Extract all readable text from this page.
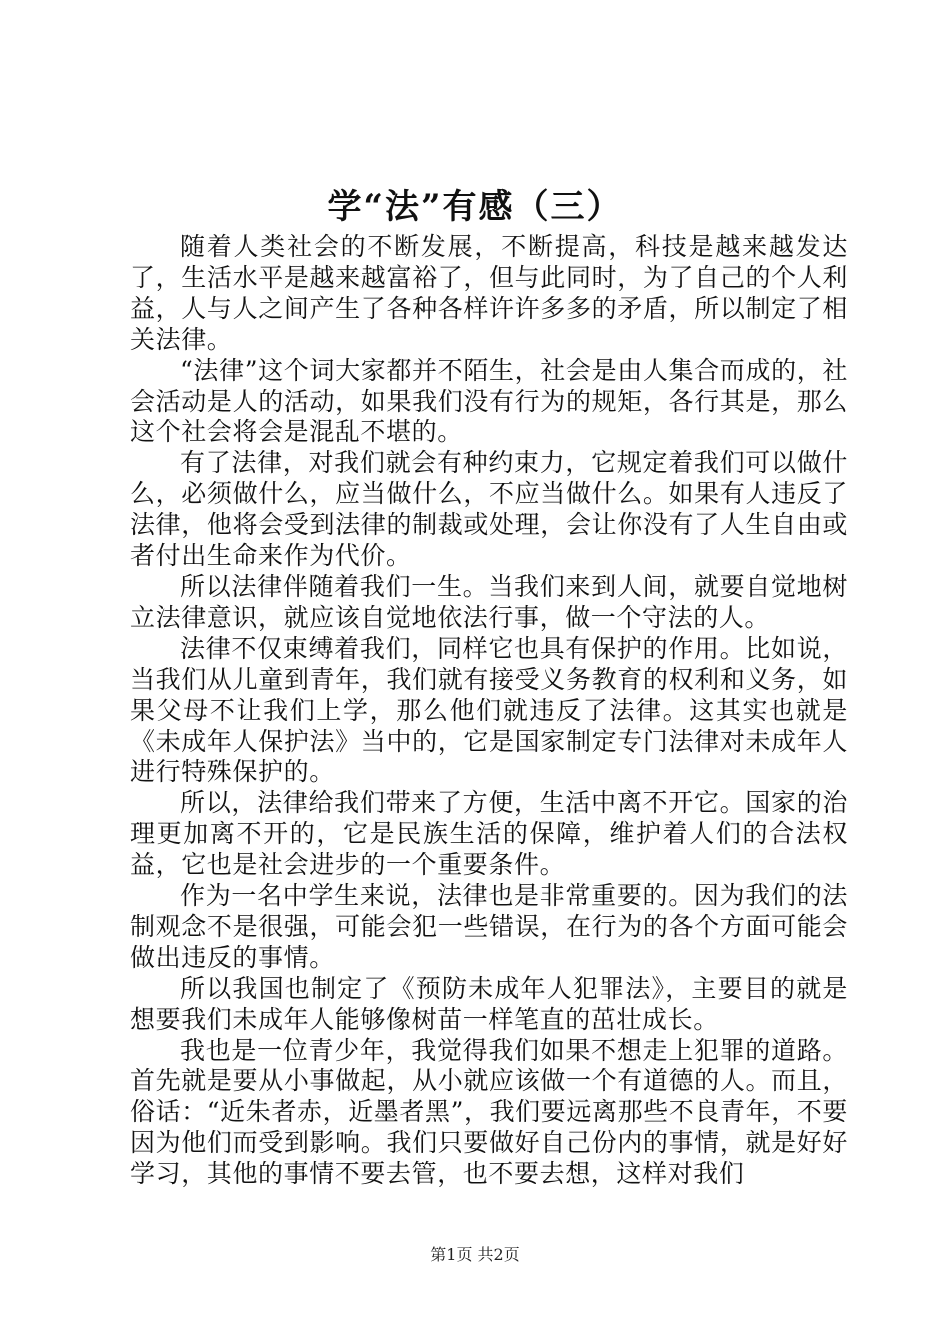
学“法”有感（三）

随着人类社会的不断发展，不断提高，科技是越来越发达了，生活水平是越来越富裕了，但与此同时，为了自己的个人利益，人与人之间产生了各种各样许许多多的矛盾，所以制定了相关法律。

“法律”这个词大家都并不陌生，社会是由人集合而成的，社会活动是人的活动，如果我们没有行为的规矩，各行其是，那么这个社会将会是混乱不堪的。

有了法律，对我们就会有种约束力，它规定着我们可以做什么，必须做什么，应当做什么，不应当做什么。如果有人违反了法律，他将会受到法律的制裁或处理，会让你没有了人生自由或者付出生命来作为代价。

所以法律伴随着我们一生。当我们来到人间，就要自觉地树立法律意识，就应该自觉地依法行事，做一个守法的人。

法律不仅束缚着我们，同样它也具有保护的作用。比如说，当我们从儿童到青年，我们就有接受义务教育的权利和义务，如果父母不让我们上学，那么他们就违反了法律。这其实也就是《未成年人保护法》当中的，它是国家制定专门法律对未成年人进行特殊保护的。

所以，法律给我们带来了方便，生活中离不开它。国家的治理更加离不开的，它是民族生活的保障，维护着人们的合法权益，它也是社会进步的一个重要条件。

作为一名中学生来说，法律也是非常重要的。因为我们的法制观念不是很强，可能会犯一些错误，在行为的各个方面可能会做出违反的事情。

所以我国也制定了《预防未成年人犯罪法》，主要目的就是想要我们未成年人能够像树苗一样笔直的茁壮成长。

我也是一位青少年，我觉得我们如果不想走上犯罪的道路。首先就是要从小事做起，从小就应该做一个有道德的人。而且，俗话：“近朱者赤，近墨者黑”，我们要远离那些不良青年，不要因为他们而受到影响。我们只要做好自己份内的事情，就是好好学习，其他的事情不要去管，也不要去想，这样对我们

第1页 共2页
